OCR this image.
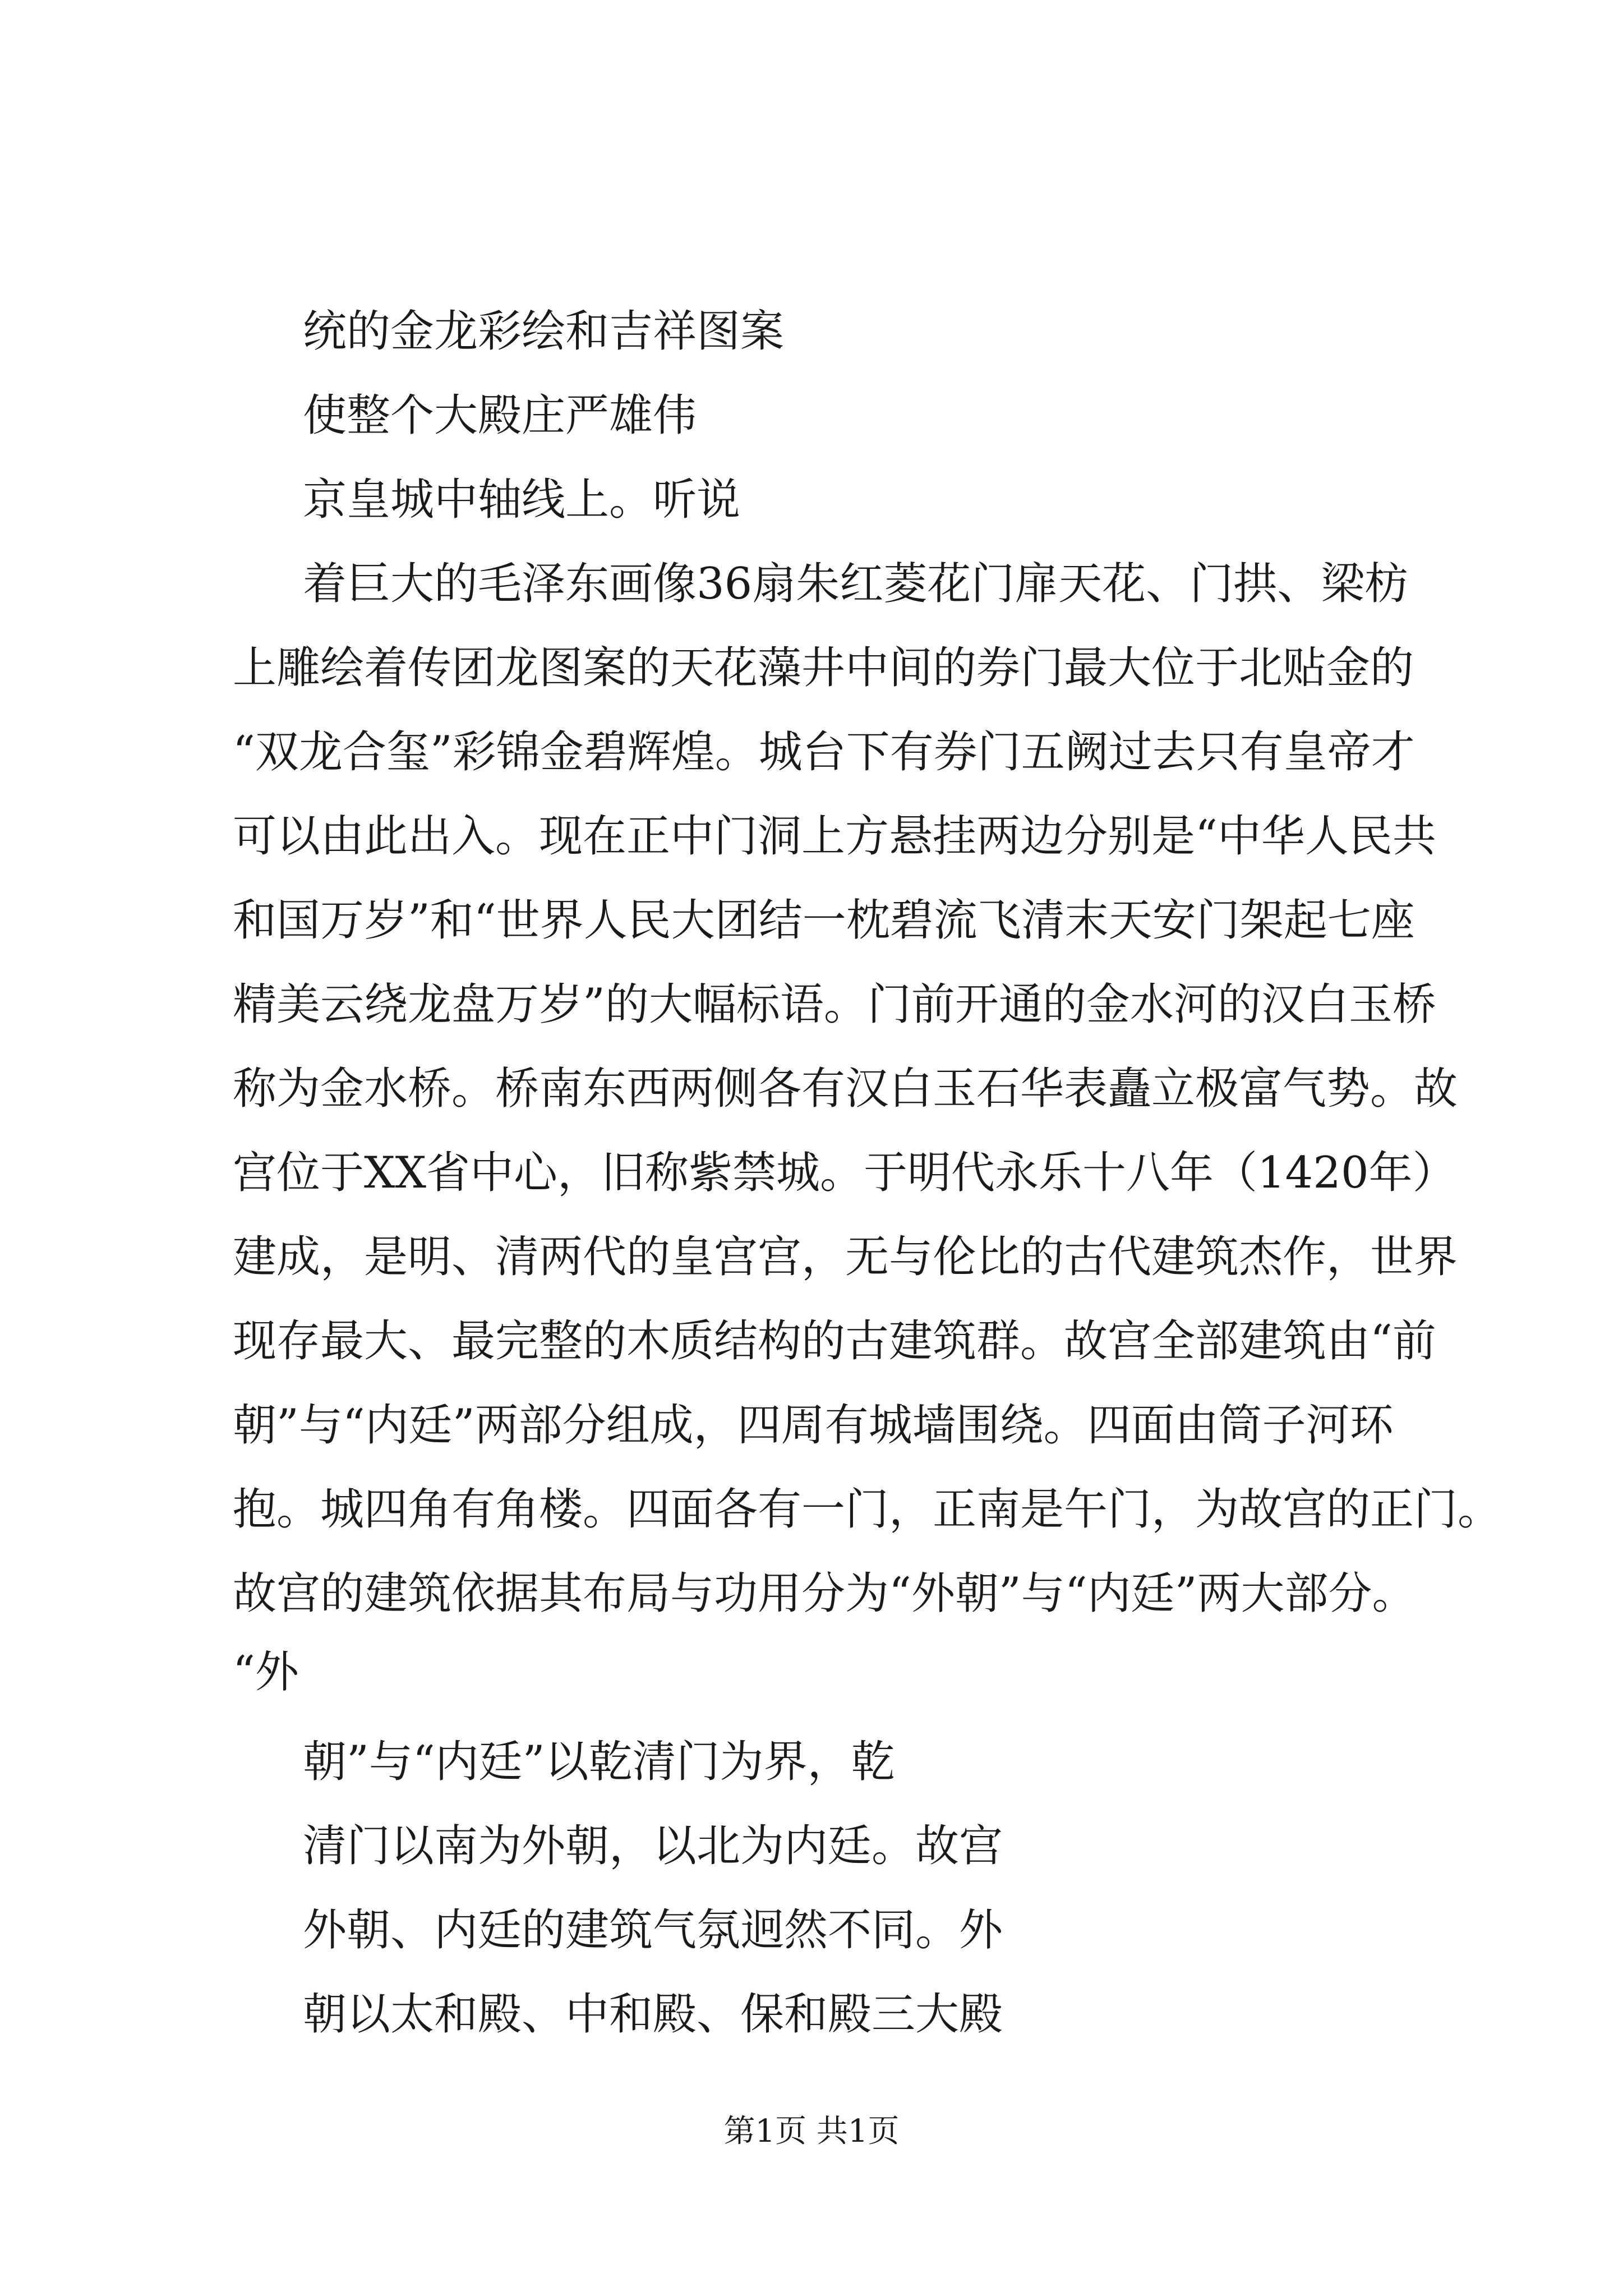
统的金龙彩绘和吉祥图案
使整个大殿庄严雄伟
京皇城中轴线上。听说
着巨大的毛泽东画像36扇朱红菱花门扉天花、门拱、梁枋
上雕绘着传团龙图案的天花藻井中间的券门最大位于北贴金的
“双龙合玺”彩锦金碧辉煌。城台下有券门五阙过去只有皇帝才
可以由此出入。现在正中门洞上方悬挂两边分别是“中华人民共
和国万岁”和“世界人民大团结一枕碧流飞清末天安门架起七座
精美云绕龙盘万岁”的大幅标语。门前开通的金水河的汉白玉桥
称为金水桥。桥南东西两侧各有汉白玉石华表矗立极富气势。故
宫位于XX省中心，旧称紫禁城。于明代永乐十八年（1420年）
建成，是明、清两代的皇宫宫，无与伦比的古代建筑杰作，世界
现存最大、最完整的木质结构的古建筑群。故宫全部建筑由“前
朝”与“内廷”两部分组成，四周有城墙围绕。四面由筒子河环
抱。城四角有角楼。四面各有一门，正南是午门，为故宫的正门。
故宫的建筑依据其布局与功用分为“外朝”与“内廷”两大部分。
“外
朝”与“内廷”以乾清门为界，乾
清门以南为外朝，以北为内廷。故宫
外朝、内廷的建筑气氛迥然不同。外
朝以太和殿、中和殿、保和殿三大殿
第1页 共1页
